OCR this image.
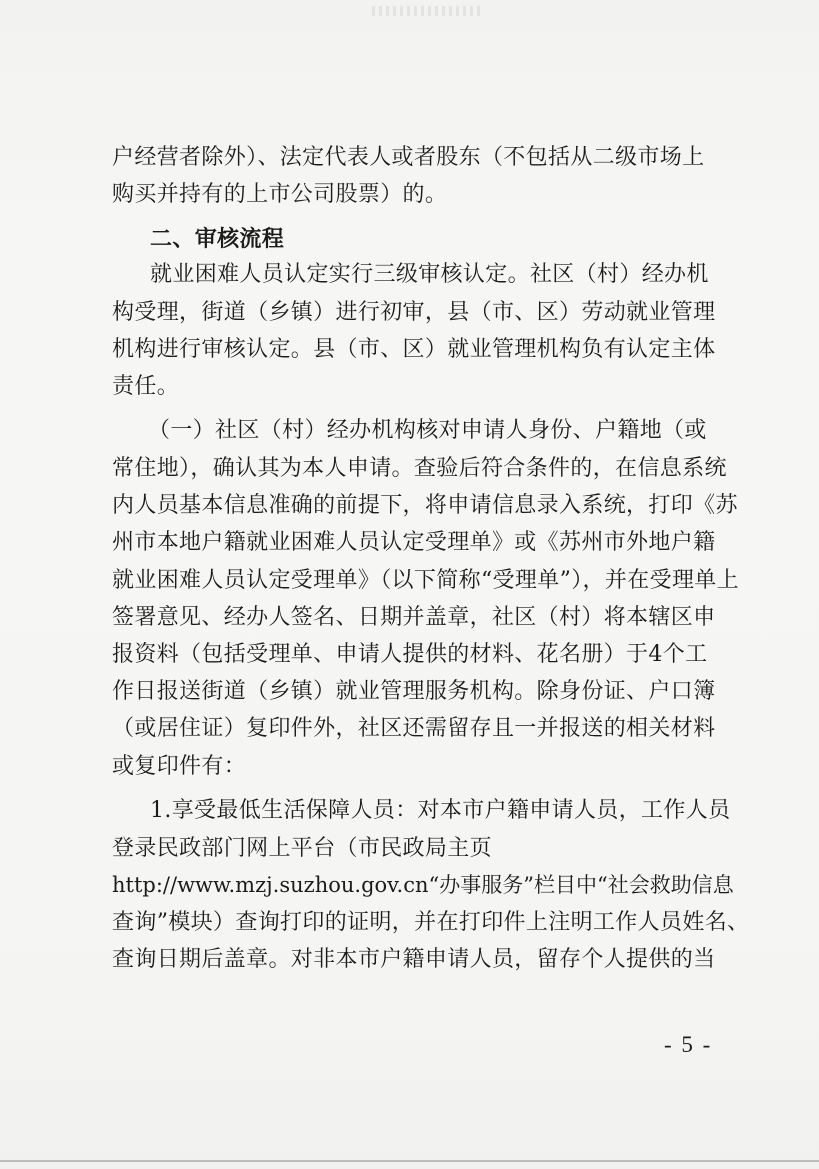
户经营者除外）、法定代表人或者股东（不包括从二级市场上

购买并持有的上市公司股票）的。

二、审核流程

就业困难人员认定实行三级审核认定。社区（村）经办机

构受理，街道（乡镇）进行初审，县（市、区）劳动就业管理

机构进行审核认定。县（市、区）就业管理机构负有认定主体

责任。

（一）社区（村）经办机构核对申请人身份、户籍地（或

常住地），确认其为本人申请。查验后符合条件的，在信息系统

内人员基本信息准确的前提下，将申请信息录入系统，打印《苏

州市本地户籍就业困难人员认定受理单》或《苏州市外地户籍

就业困难人员认定受理单》（以下简称“受理单”），并在受理单上

签署意见、经办人签名、日期并盖章，社区（村）将本辖区申

报资料（包括受理单、申请人提供的材料、花名册）于4个工

作日报送街道（乡镇）就业管理服务机构。除身份证、户口簿

（或居住证）复印件外，社区还需留存且一并报送的相关材料

或复印件有：

1.享受最低生活保障人员：对本市户籍申请人员，工作人员

登录民政部门网上平台（市民政局主页

http://www.mzj.suzhou.gov.cn“办事服务”栏目中“社会救助信息

查询”模块）查询打印的证明，并在打印件上注明工作人员姓名、

查询日期后盖章。对非本市户籍申请人员，留存个人提供的当

- 5 -
